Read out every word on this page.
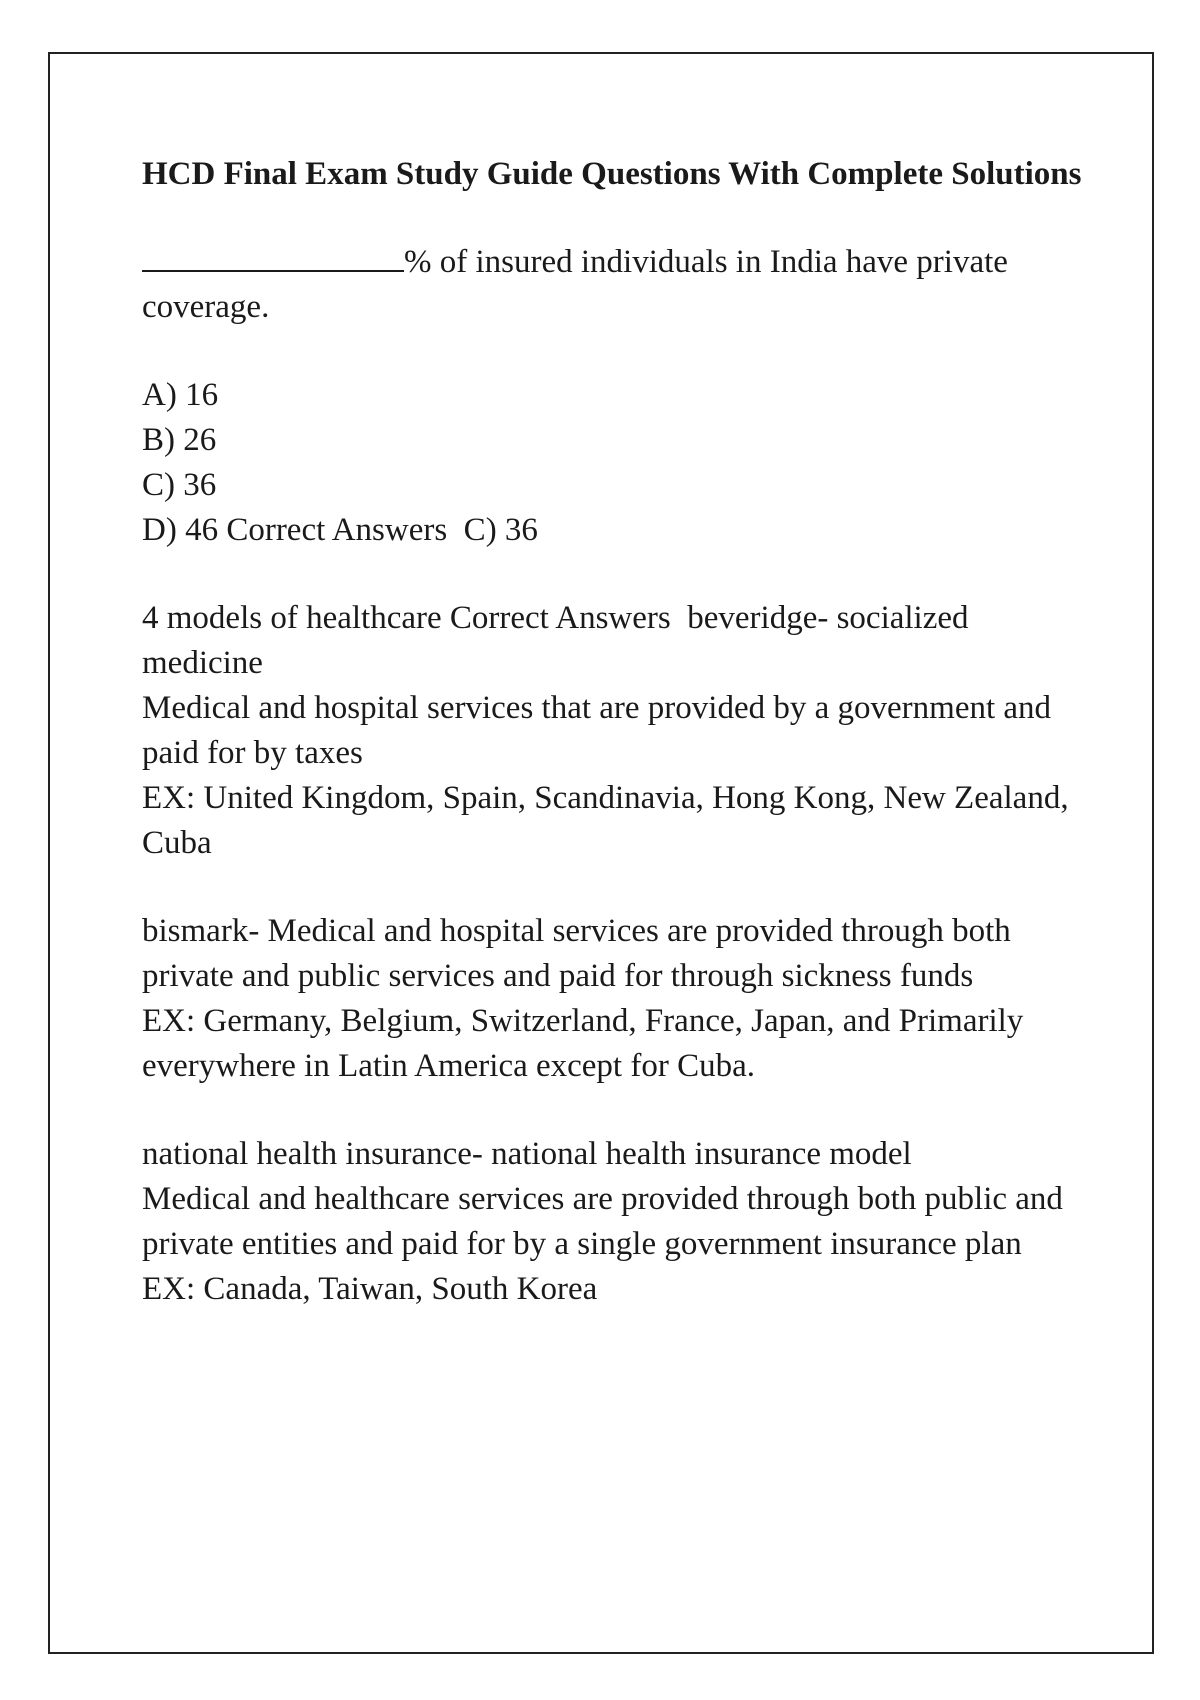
HCD Final Exam Study Guide Questions With Complete Solutions
% of insured individuals in India have private coverage.
A) 16
B) 26
C) 36
D) 46 Correct Answers  C) 36
4 models of healthcare Correct Answers  beveridge- socialized medicine
Medical and hospital services that are provided by a government and paid for by taxes
EX: United Kingdom, Spain, Scandinavia, Hong Kong, New Zealand, Cuba
bismark- Medical and hospital services are provided through both private and public services and paid for through sickness funds
EX: Germany, Belgium, Switzerland, France, Japan, and Primarily everywhere in Latin America except for Cuba.
national health insurance- national health insurance model
Medical and healthcare services are provided through both public and private entities and paid for by a single government insurance plan
EX: Canada, Taiwan, South Korea
